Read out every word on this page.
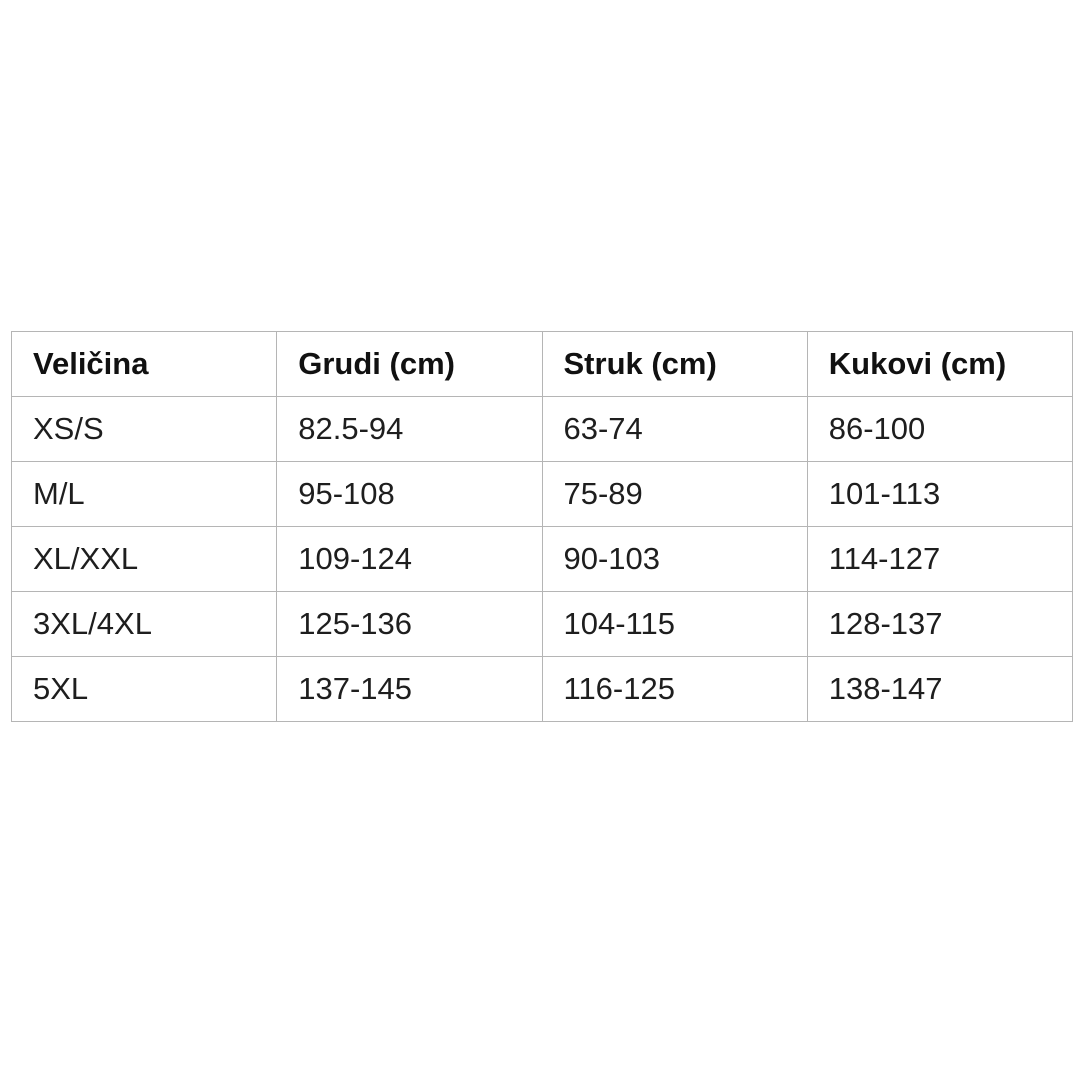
Veličina	Grudi (cm)	Struk (cm)	Kukovi (cm)
XS/S	82.5-94	63-74	86-100
M/L	95-108	75-89	101-113
XL/XXL	109-124	90-103	114-127
3XL/4XL	125-136	104-115	128-137
5XL	137-145	116-125	138-147
